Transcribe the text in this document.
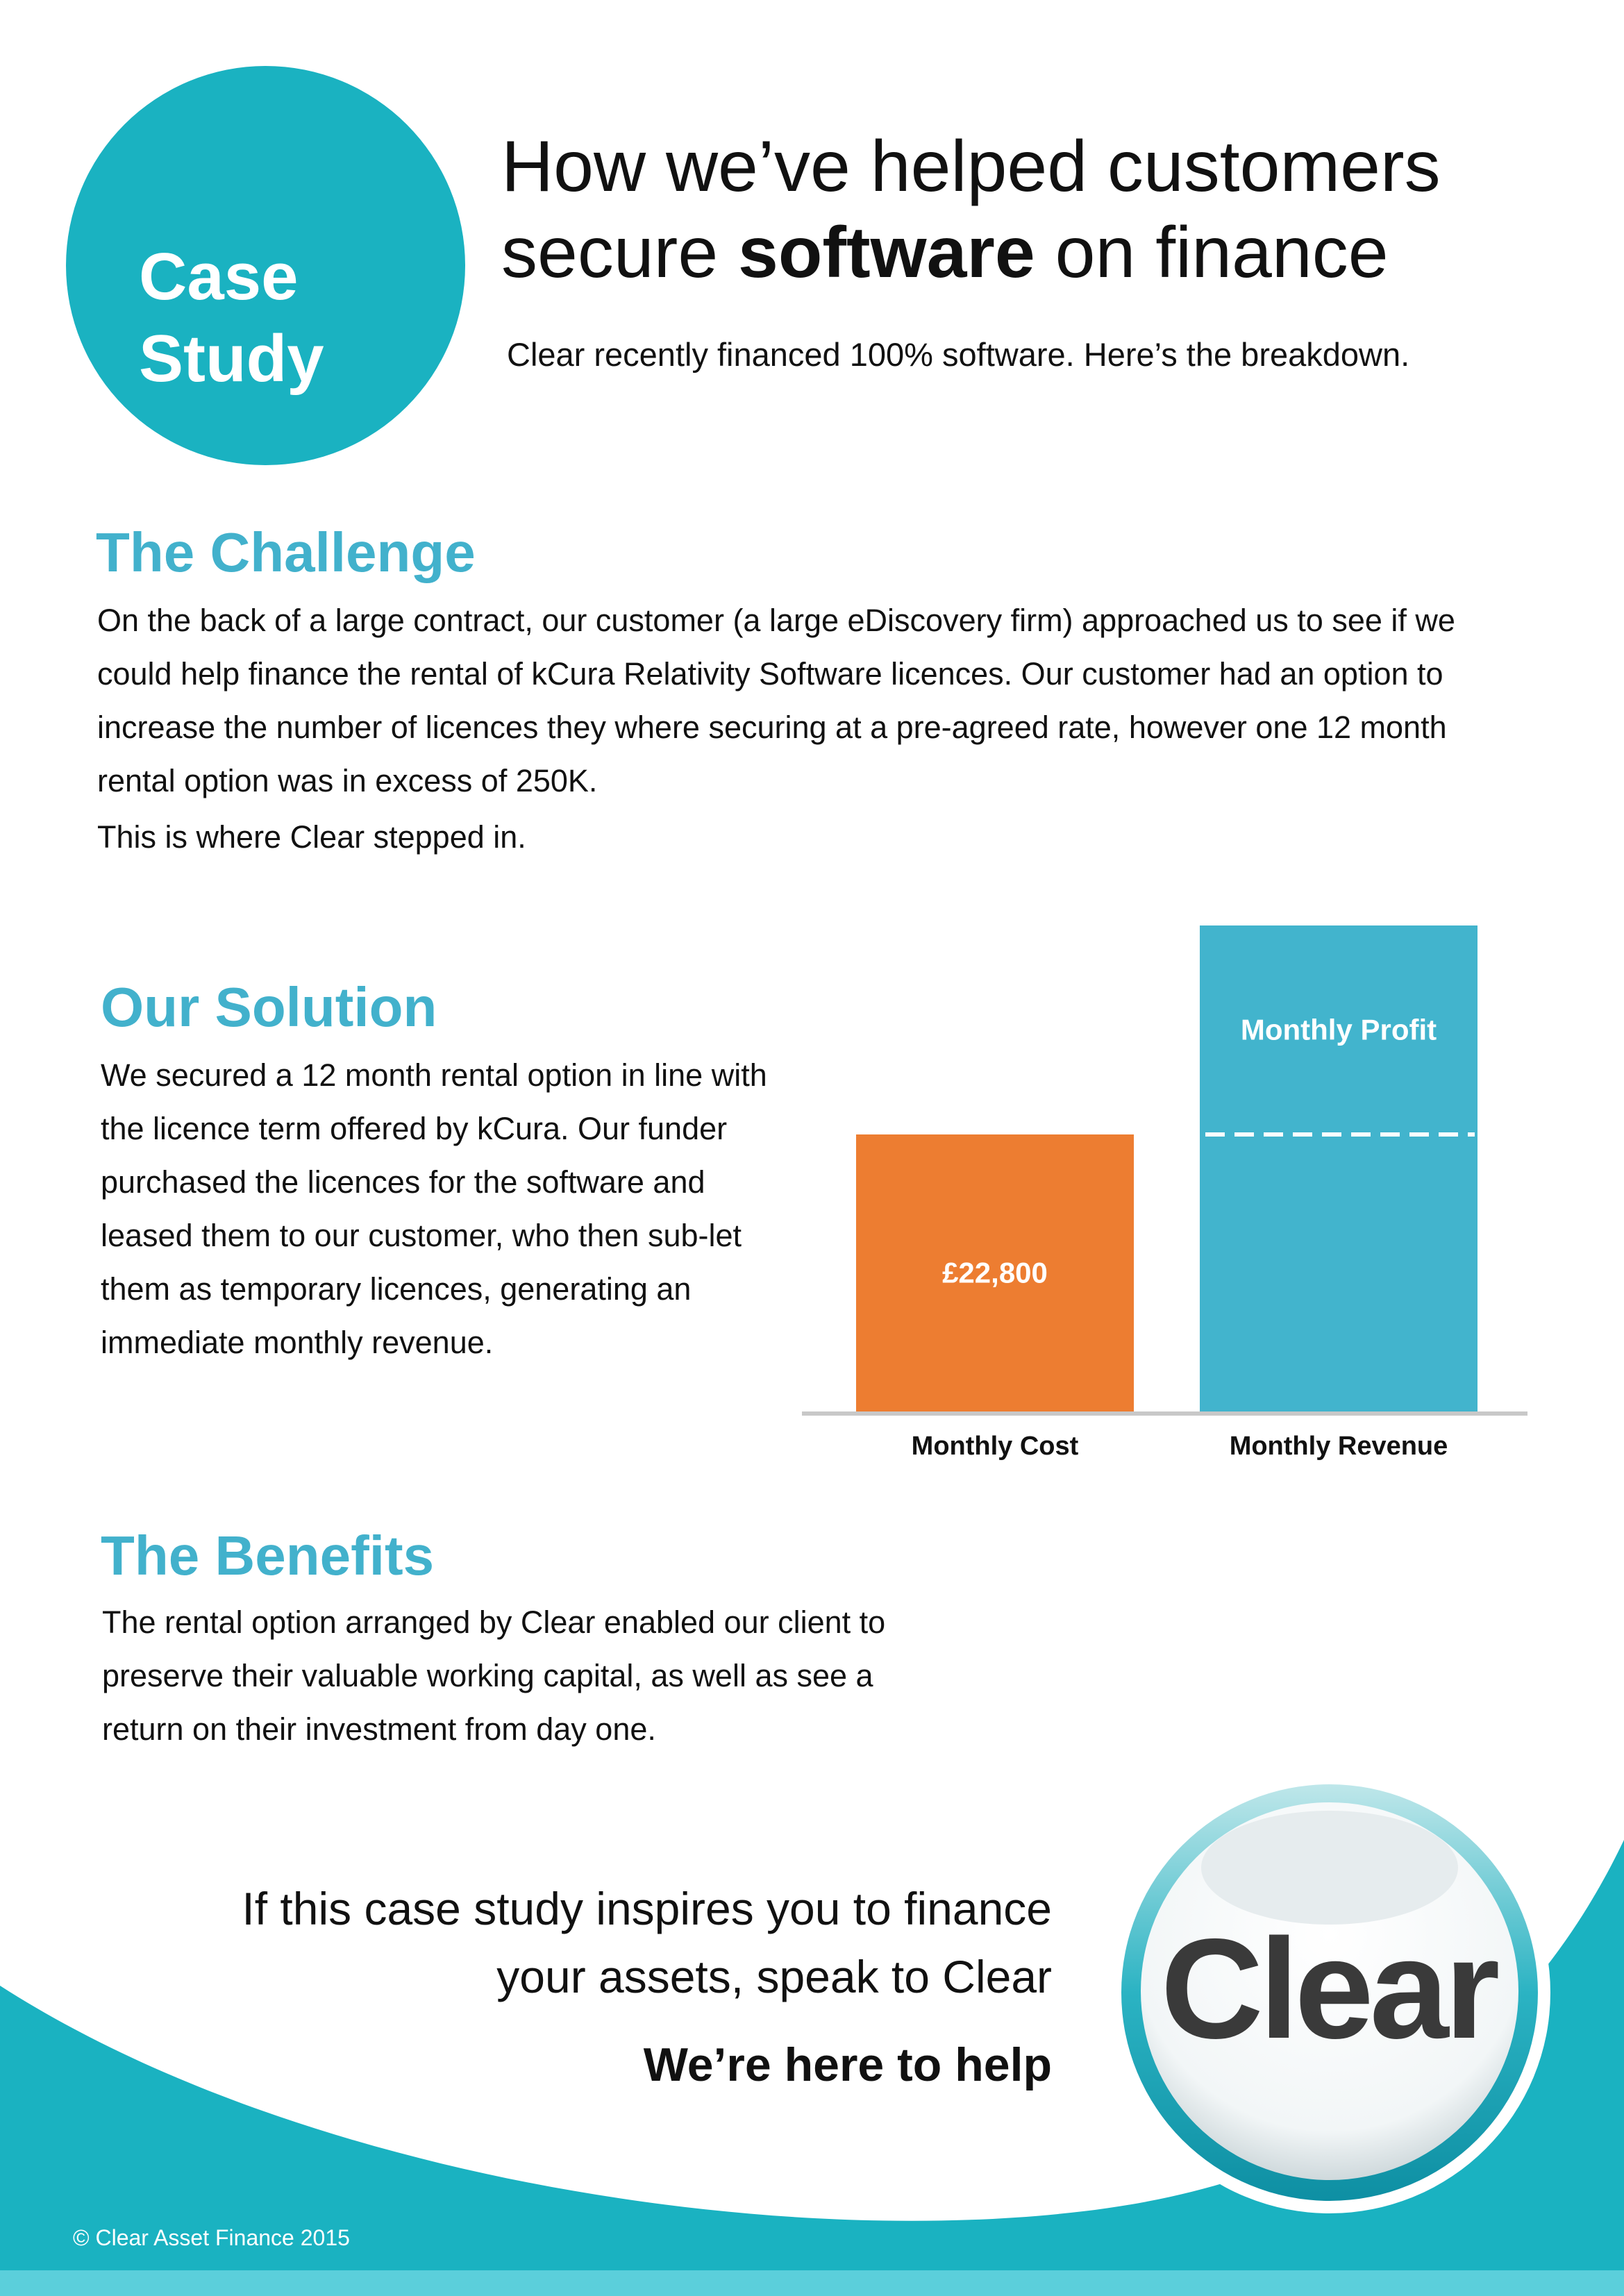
Case
Study
How we’ve helped customers
secure software on finance
Clear recently financed 100% software. Here’s the breakdown.
The Challenge

On the back of a large contract, our customer (a large eDiscovery firm) approached us to see if we could help finance the rental of kCura Relativity Software licences. Our customer had an option to increase the number of licences they where securing at a pre-agreed rate, however one 12 month rental option was in excess of 250K.

This is where Clear stepped in.
Our Solution

We secured a 12 month rental option in line with the licence term offered by kCura. Our funder purchased the licences for the software and leased them to our customer, who then sub-let them as temporary licences, generating an immediate monthly revenue.

£22,800
Monthly Profit
Monthly Cost	Monthly Revenue
The Benefits

The rental option arranged by Clear enabled our client to preserve their valuable working capital, as well as see a return on their investment from day one.

If this case study inspires you to finance
your assets, speak to Clear

We’re here to help Clear
© Clear Asset Finance 2015
